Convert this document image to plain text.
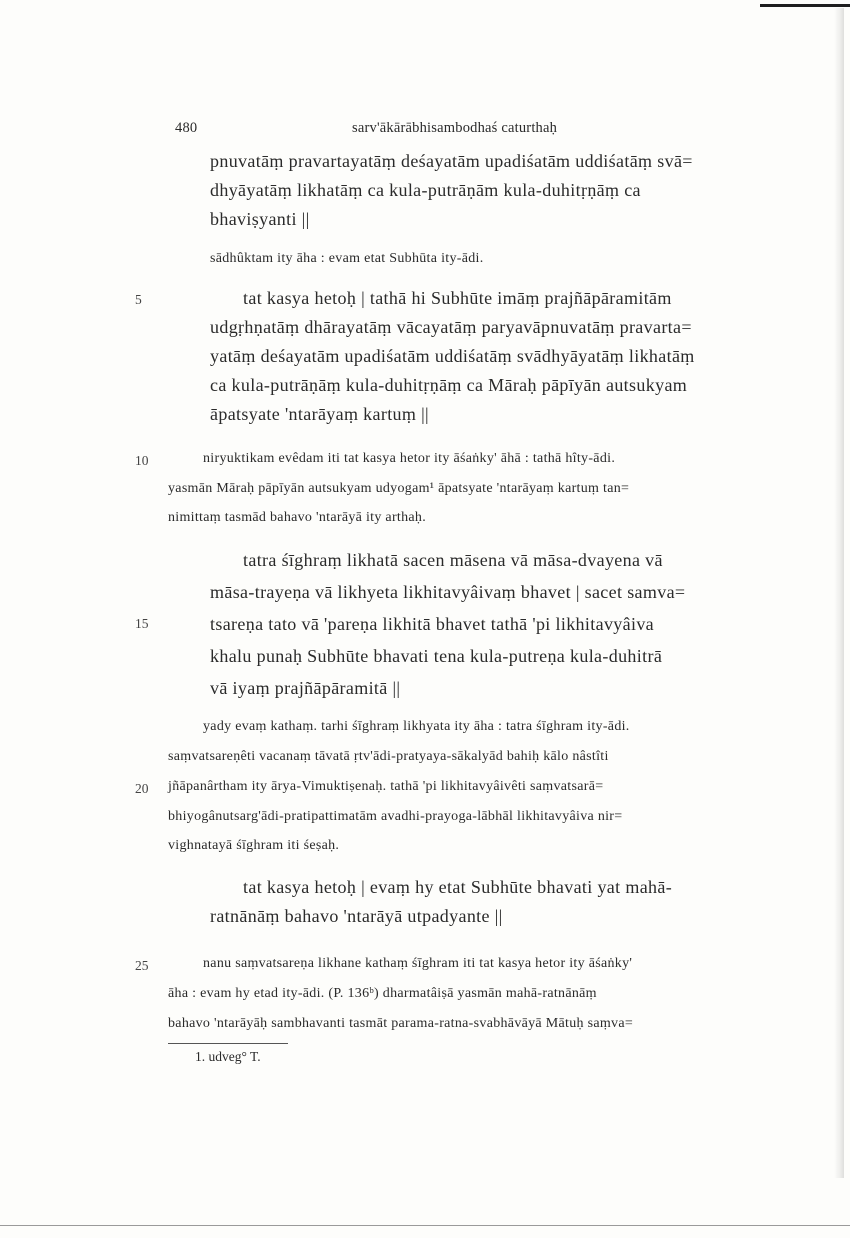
480	sarv'ākārābhisambodhaś caturthaḥ
5
10
15
20
25
pnuvatāṃ pravartayatāṃ deśayatām upadiśatām uddiśatāṃ svā=
dhyāyatāṃ likhatāṃ ca kula-putrāṇām kula-duhitṛṇāṃ ca
bhaviṣyanti ||
sādhûktam ity āha : evam etat Subhūta ity-ādi.
tat kasya hetoḥ | tathā hi Subhūte imāṃ prajñāpāramitām
udgṛhṇatāṃ dhārayatāṃ vācayatāṃ paryavāpnuvatāṃ pravarta=
yatāṃ deśayatām upadiśatām uddiśatāṃ svādhyāyatāṃ likhatāṃ
ca kula-putrāṇāṃ kula-duhitṛṇāṃ ca Māraḥ pāpīyān autsukyam
āpatsyate 'ntarāyaṃ kartuṃ ||
niryuktikam evêdam iti tat kasya hetor ity āśaṅky' āhā : tathā hîty-ādi.
yasmān Māraḥ pāpīyān autsukyam udyogam¹ āpatsyate 'ntarāyaṃ kartuṃ tan=
nimittaṃ tasmād bahavo 'ntarāyā ity arthaḥ.
tatra śīghraṃ likhatā sacen māsena vā māsa-dvayena vā
māsa-trayeṇa vā likhyeta likhitavyâivaṃ bhavet | sacet samva=
tsareṇa tato vā 'pareṇa likhitā bhavet tathā 'pi likhitavyâiva
khalu punaḥ Subhūte bhavati tena kula-putreṇa kula-duhitrā
vā iyaṃ prajñāpāramitā ||
yady evaṃ kathaṃ. tarhi śīghraṃ likhyata ity āha : tatra śīghram ity-ādi.
saṃvatsareṇêti vacanaṃ tāvatā ṛtv'ādi-pratyaya-sākalyād bahiḥ kālo nâstîti
jñāpanârtham ity ārya-Vimuktiṣenaḥ. tathā 'pi likhitavyâivêti saṃvatsarā=
bhiyogânutsarg'ādi-pratipattimatām avadhi-prayoga-lābhāl likhitavyâiva nir=
vighnatayā śīghram iti śeṣaḥ.
tat kasya hetoḥ | evaṃ hy etat Subhūte bhavati yat mahā-
ratnānāṃ bahavo 'ntarāyā utpadyante ||
nanu saṃvatsareṇa likhane kathaṃ śīghram iti tat kasya hetor ity āśaṅky'
āha : evam hy etad ity-ādi. (P. 136ᵇ) dharmatâiṣā yasmān mahā-ratnānāṃ
bahavo 'ntarāyāḥ sambhavanti tasmāt parama-ratna-svabhāvāyā Mātuḥ saṃva=
1. udveg° T.
